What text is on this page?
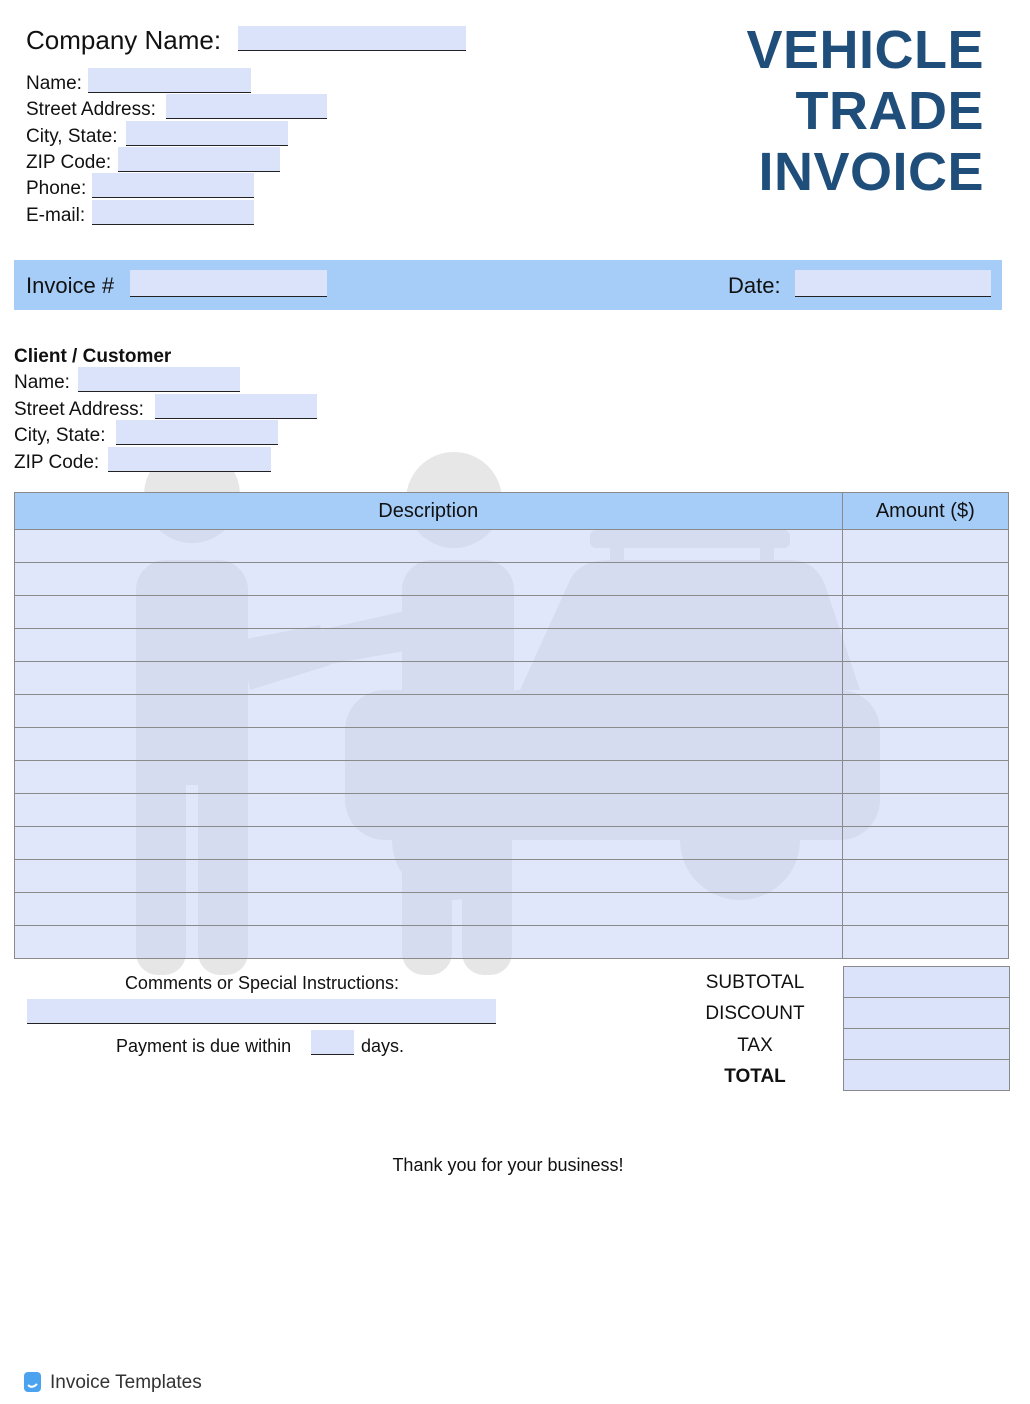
Company Name:
Name:
Street Address:
City, State:
ZIP Code:
Phone:
E-mail:
VEHICLE
TRADE
INVOICE
Invoice #	Date:
Client / Customer
Name:
Street Address:
City, State:
ZIP Code:
Description	Amount ($)

Comments or Special Instructions:
Payment is due within	days.
SUBTOTAL
DISCOUNT
TAX
TOTAL
Thank you for your business!
Invoice Templates
